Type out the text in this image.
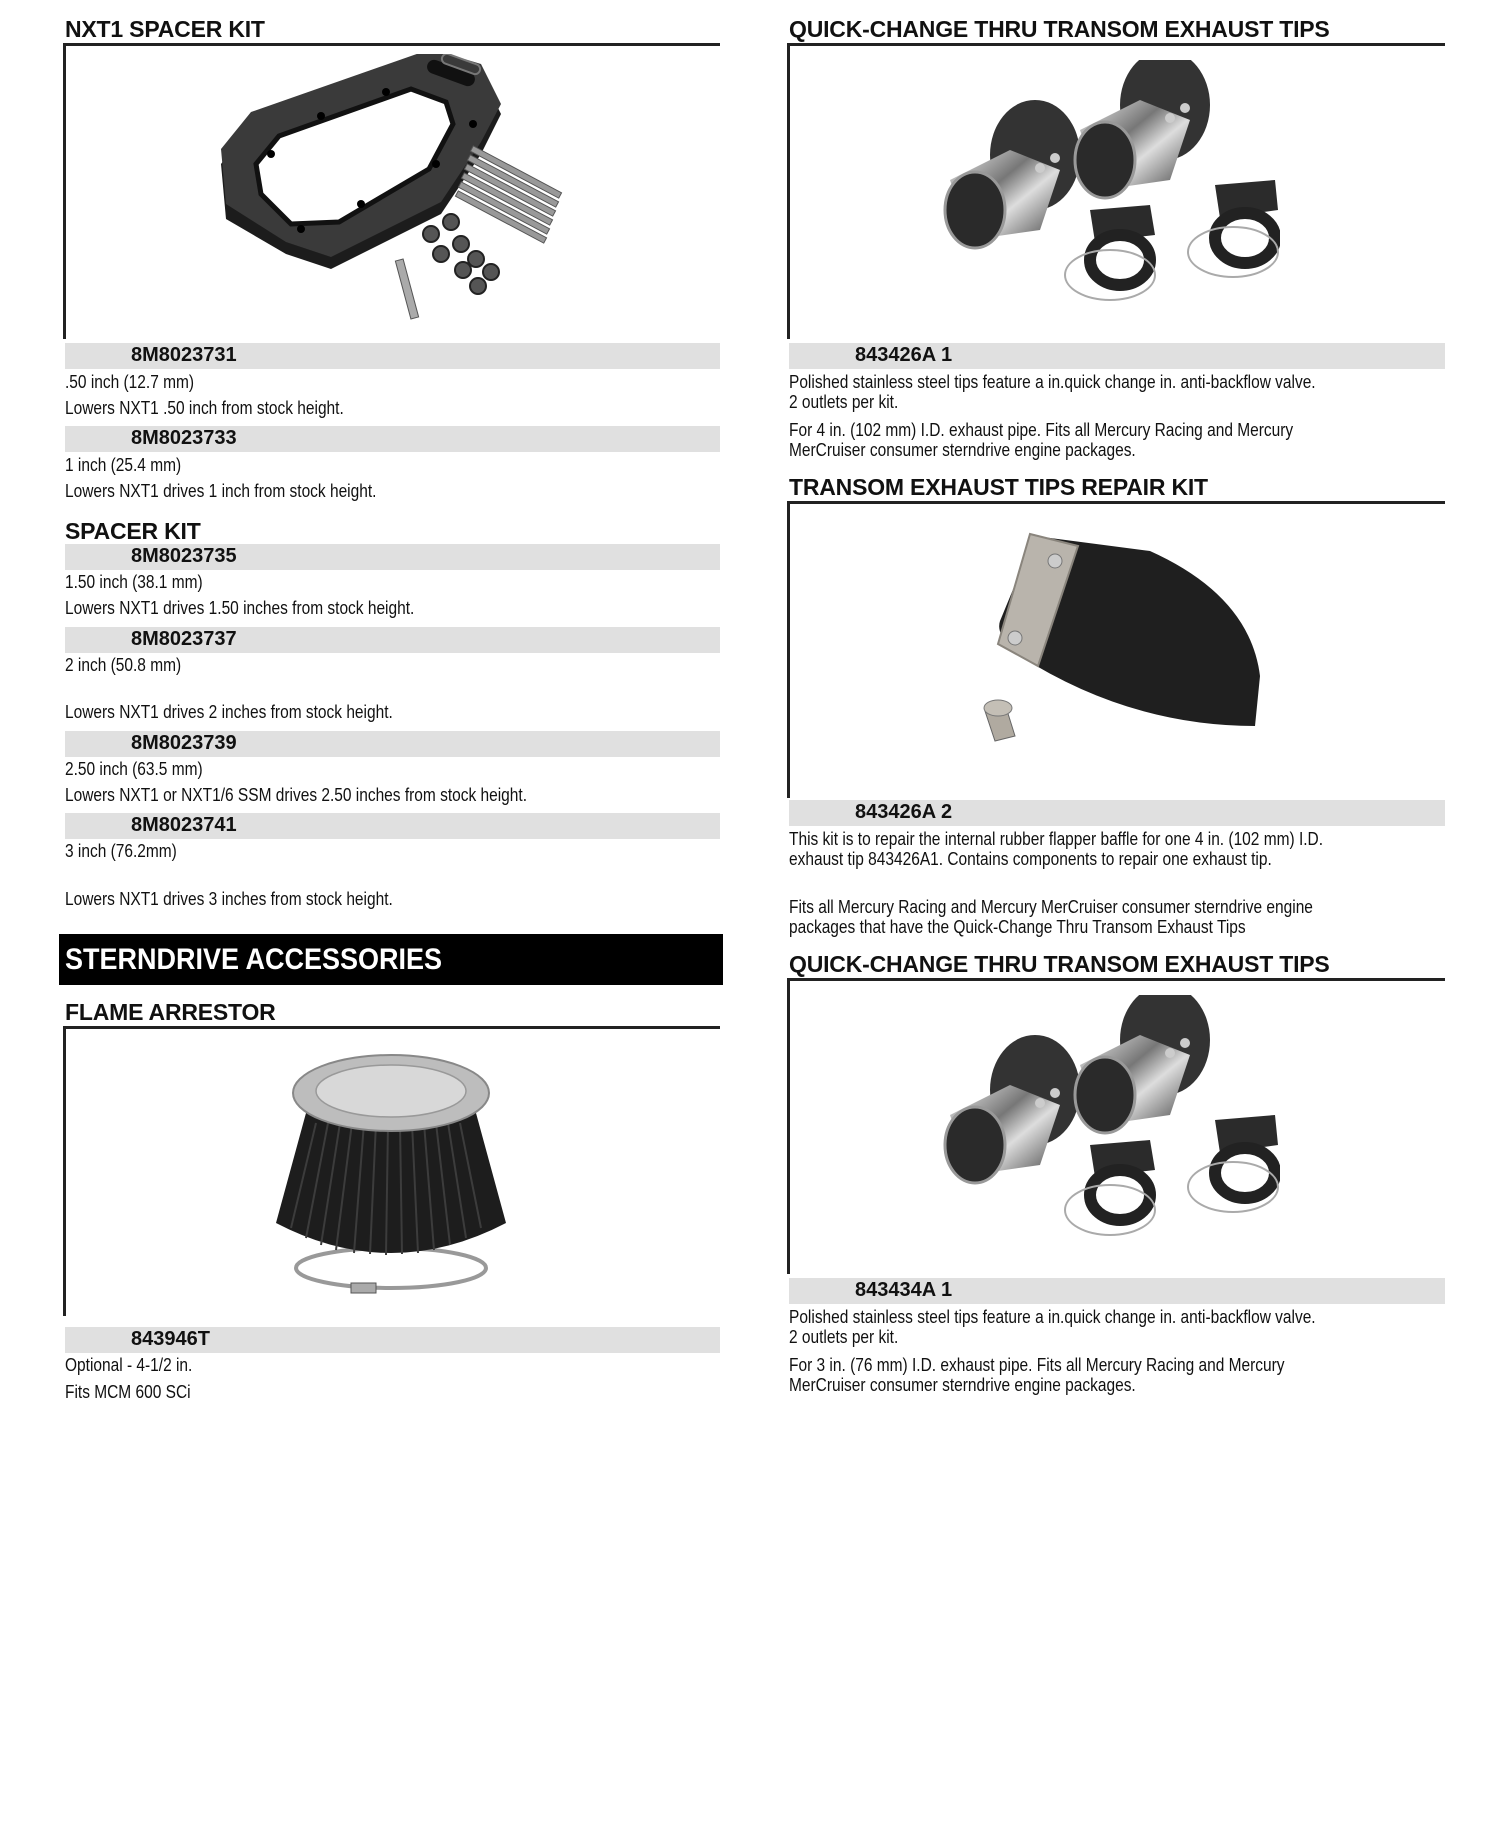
NXT1 SPACER KIT
8M8023731
.50 inch (12.7 mm)
Lowers NXT1 .50 inch from stock height.
8M8023733
1 inch (25.4 mm)
Lowers NXT1 drives 1 inch from stock height.
SPACER KIT
8M8023735
1.50 inch (38.1 mm)
Lowers NXT1 drives 1.50 inches from stock height.
8M8023737
2 inch (50.8 mm)
Lowers NXT1 drives 2 inches from stock height.
8M8023739
2.50 inch (63.5 mm)
Lowers NXT1 or NXT1/6 SSM drives 2.50 inches from stock height.
8M8023741
3 inch (76.2mm)
Lowers NXT1 drives 3 inches from stock height.
STERNDRIVE ACCESSORIES
FLAME ARRESTOR
843946T
Optional - 4-1/2 in.
Fits MCM 600 SCi
QUICK-CHANGE THRU TRANSOM EXHAUST TIPS
843426A 1
Polished stainless steel tips feature a in.quick change in. anti-backflow valve.
2 outlets per kit.
For 4 in. (102 mm) I.D. exhaust pipe. Fits all Mercury Racing and Mercury
MerCruiser consumer sterndrive engine packages.
TRANSOM EXHAUST TIPS REPAIR KIT
843426A 2
This kit is to repair the internal rubber flapper baffle for one 4 in. (102 mm) I.D.
exhaust tip 843426A1. Contains components to repair one exhaust tip.
Fits all Mercury Racing and Mercury MerCruiser consumer sterndrive engine
packages that have the Quick-Change Thru Transom Exhaust Tips
QUICK-CHANGE THRU TRANSOM EXHAUST TIPS
843434A 1
Polished stainless steel tips feature a in.quick change in. anti-backflow valve.
2 outlets per kit.
For 3 in. (76 mm) I.D. exhaust pipe. Fits all Mercury Racing and Mercury
MerCruiser consumer sterndrive engine packages.
